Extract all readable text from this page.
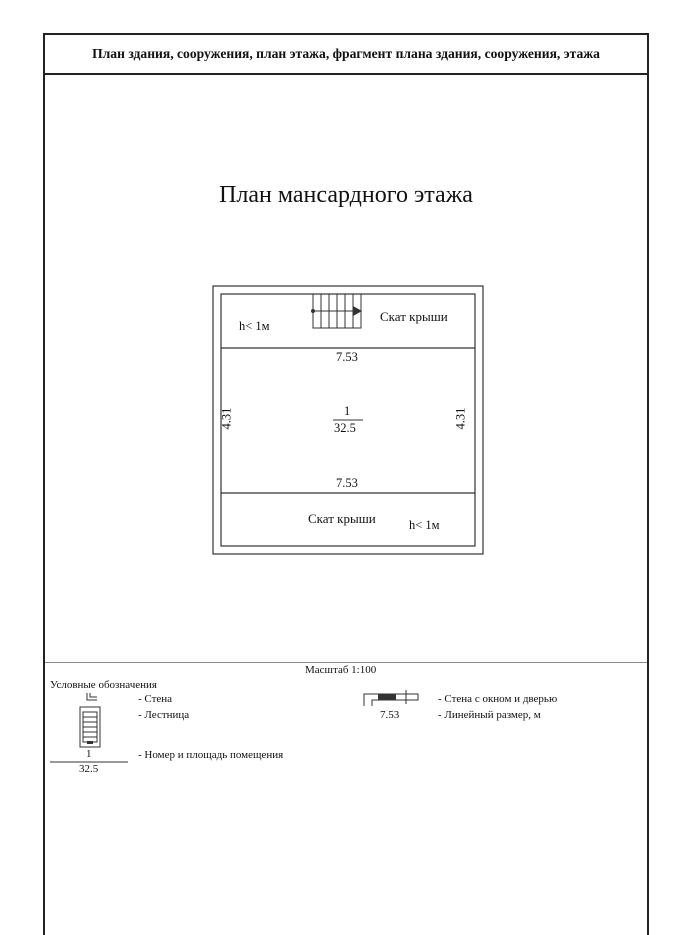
План здания, сооружения, план этажа, фрагмент плана здания, сооружения, этажа
План мансардного этажа
h< 1м
Скат крыши
7.53
1
32.5
4.31	4.31
7.53
Скат крыши	h< 1м
Масштаб 1:100
Условные обозначения
- Стена
- Лестница
1
32.5
- Номер и площадь помещения
- Стена с окном и дверью
7.53	- Линейный размер, м
